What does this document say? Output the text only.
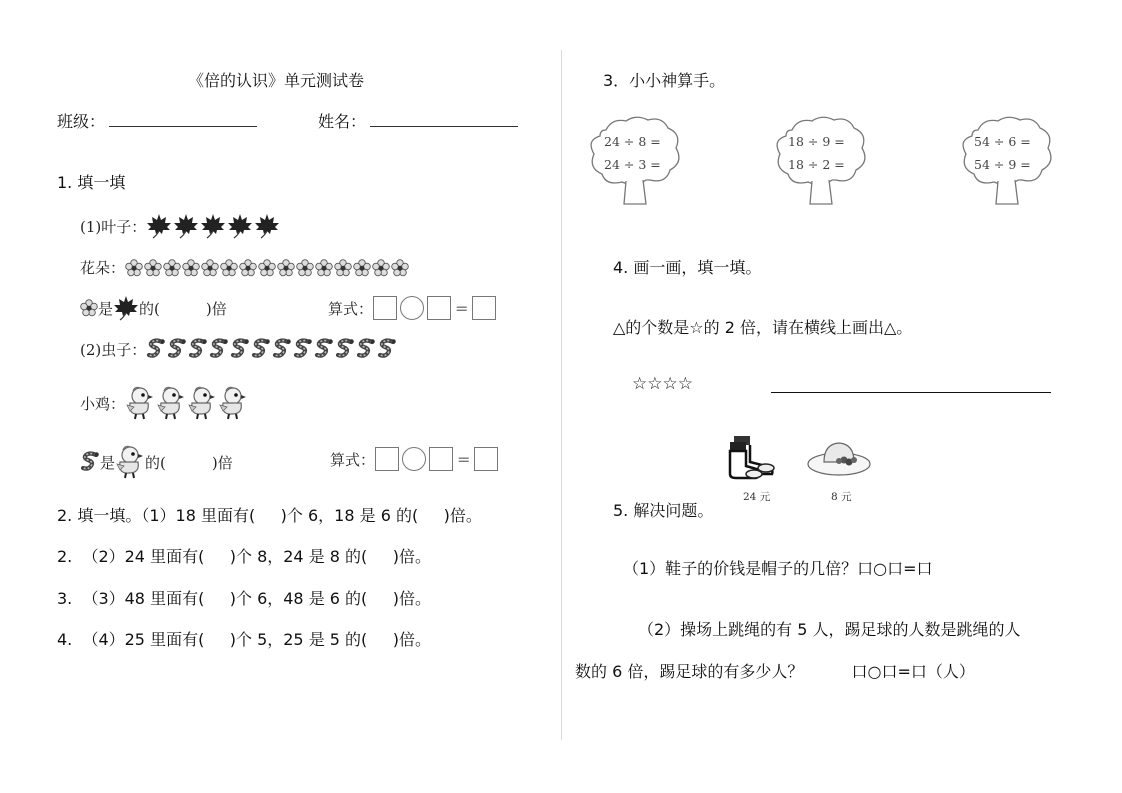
《倍的认识》单元测试卷
班级：	姓名：
1. 填一填
(1)叶子：
花朵：
是 的(	)倍	算式：	=
(2)虫子：
小鸡：
是 的(	)倍	算式：	=
2. 填一填。（1）18 里面有(     )个 6，18 是 6 的(     )倍。
2.  （2）24 里面有(     )个 8，24 是 8 的(     )倍。
3.  （3）48 里面有(     )个 6，48 是 6 的(     )倍。
4.  （4）25 里面有(     )个 5，25 是 5 的(     )倍。
3．小小神算手。
24 ÷ 8 =
24 ÷ 3 =
18 ÷ 9 =
18 ÷ 2 =
54 ÷ 6 =
54 ÷ 9 =
4. 画一画，填一填。
△的个数是☆的 2 倍，请在横线上画出△。
☆☆☆☆
24 元	8 元
5. 解决问题。
（1）鞋子的价钱是帽子的几倍？口○口=口
（2）操场上跳绳的有 5 人，踢足球的人数是跳绳的人
数的 6 倍，踢足球的有多少人？	口○口=口（人）
